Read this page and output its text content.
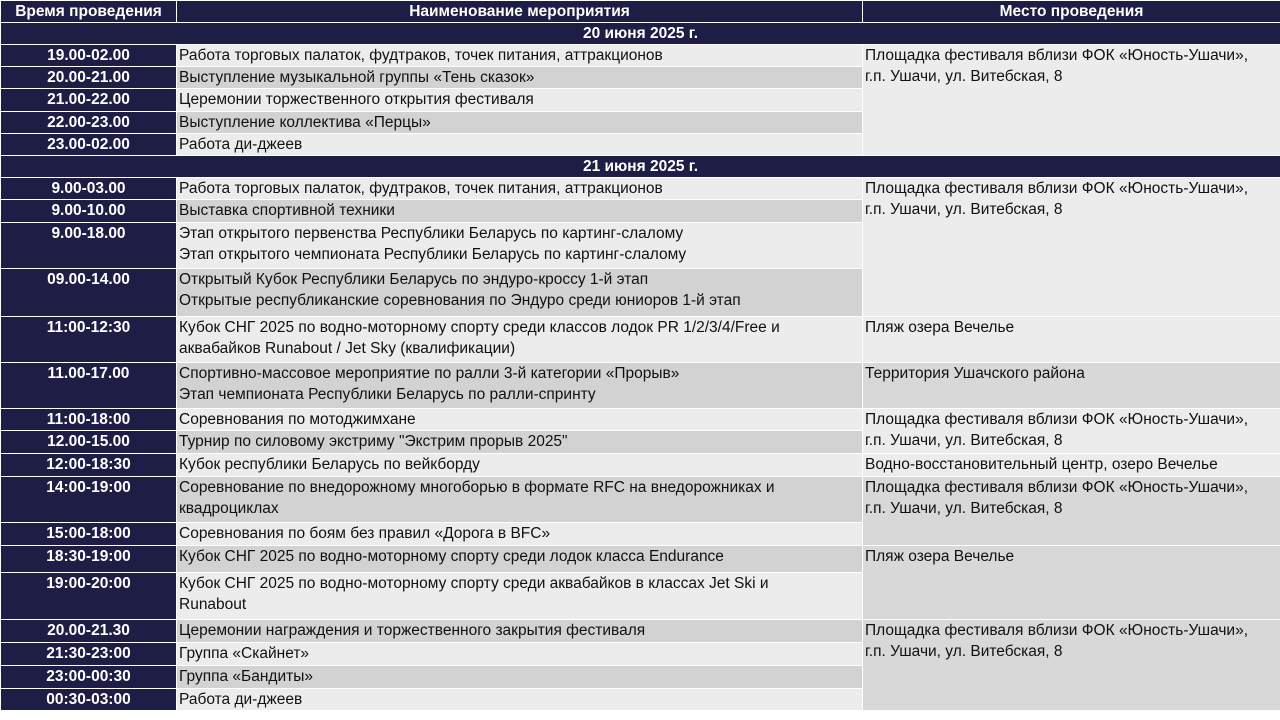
Время проведения	Наименование мероприятия	Место проведения
20 июня 2025 г.		
19.00-02.00	Работа торговых палаток, фудтраков, точек питания, аттракционов	Площадка фестиваля вблизи ФОК «Юность-Ушачи»,
г.п. Ушачи, ул. Витебская, 8

20.00-21.00	Выступление музыкальной группы «Тень сказок»	

21.00-22.00	Церемонии торжественного открытия фестиваля	

22.00-23.00	Выступление коллектива «Перцы»	

23.00-02.00	Работа ди-джеев	

21 июня 2025 г.		
9.00-03.00	Работа торговых палаток, фудтраков, точек питания, аттракционов	Площадка фестиваля вблизи ФОК «Юность-Ушачи»,
г.п. Ушачи, ул. Витебская, 8

9.00-10.00	Выставка спортивной техники	

9.00-18.00	Этап открытого первенства Республики Беларусь по картинг-слалому
Этап открытого чемпионата Республики Беларусь по картинг-слалому	

09.00-14.00	Открытый Кубок Республики Беларусь по эндуро-кроссу 1-й этап
Открытые республиканские соревнования по Эндуро среди юниоров 1-й этап	

11:00-12:30	Кубок СНГ 2025 по водно-моторному спорту среди классов лодок PR 1/2/3/4/Free и
аквабайков Runabout / Jet Sky (квалификации)	Пляж озера Вечелье

11.00-17.00	Спортивно-массовое мероприятие по ралли 3-й категории «Прорыв»
Этап чемпионата Республики Беларусь по ралли-спринту	Территория Ушачского района

11:00-18:00	Соревнования по мотоджимхане	Площадка фестиваля вблизи ФОК «Юность-Ушачи»,
г.п. Ушачи, ул. Витебская, 8

12.00-15.00	Турнир по силовому экстриму "Экстрим прорыв 2025"	

12:00-18:30	Кубок республики Беларусь по вейкборду	Водно-восстановительный центр, озеро Вечелье

14:00-19:00	Соревнование по внедорожному многоборью в формате RFC на внедорожниках и
квадроциклах	Площадка фестиваля вблизи ФОК «Юность-Ушачи»,
г.п. Ушачи, ул. Витебская, 8

15:00-18:00	Соревнования по боям без правил «Дорога в BFC»	

18:30-19:00	Кубок СНГ 2025 по водно-моторному спорту среди лодок класса Endurance	Пляж озера Вечелье

19:00-20:00	Кубок СНГ 2025 по водно-моторному спорту среди аквабайков в классах Jet Ski и
Runabout	

20.00-21.30	Церемонии награждения и торжественного закрытия фестиваля	Площадка фестиваля вблизи ФОК «Юность-Ушачи»,
г.п. Ушачи, ул. Витебская, 8

21:30-23:00	Группа «Скайнет»	

23:00-00:30	Группа «Бандиты»	

00:30-03:00	Работа ди-джеев	
